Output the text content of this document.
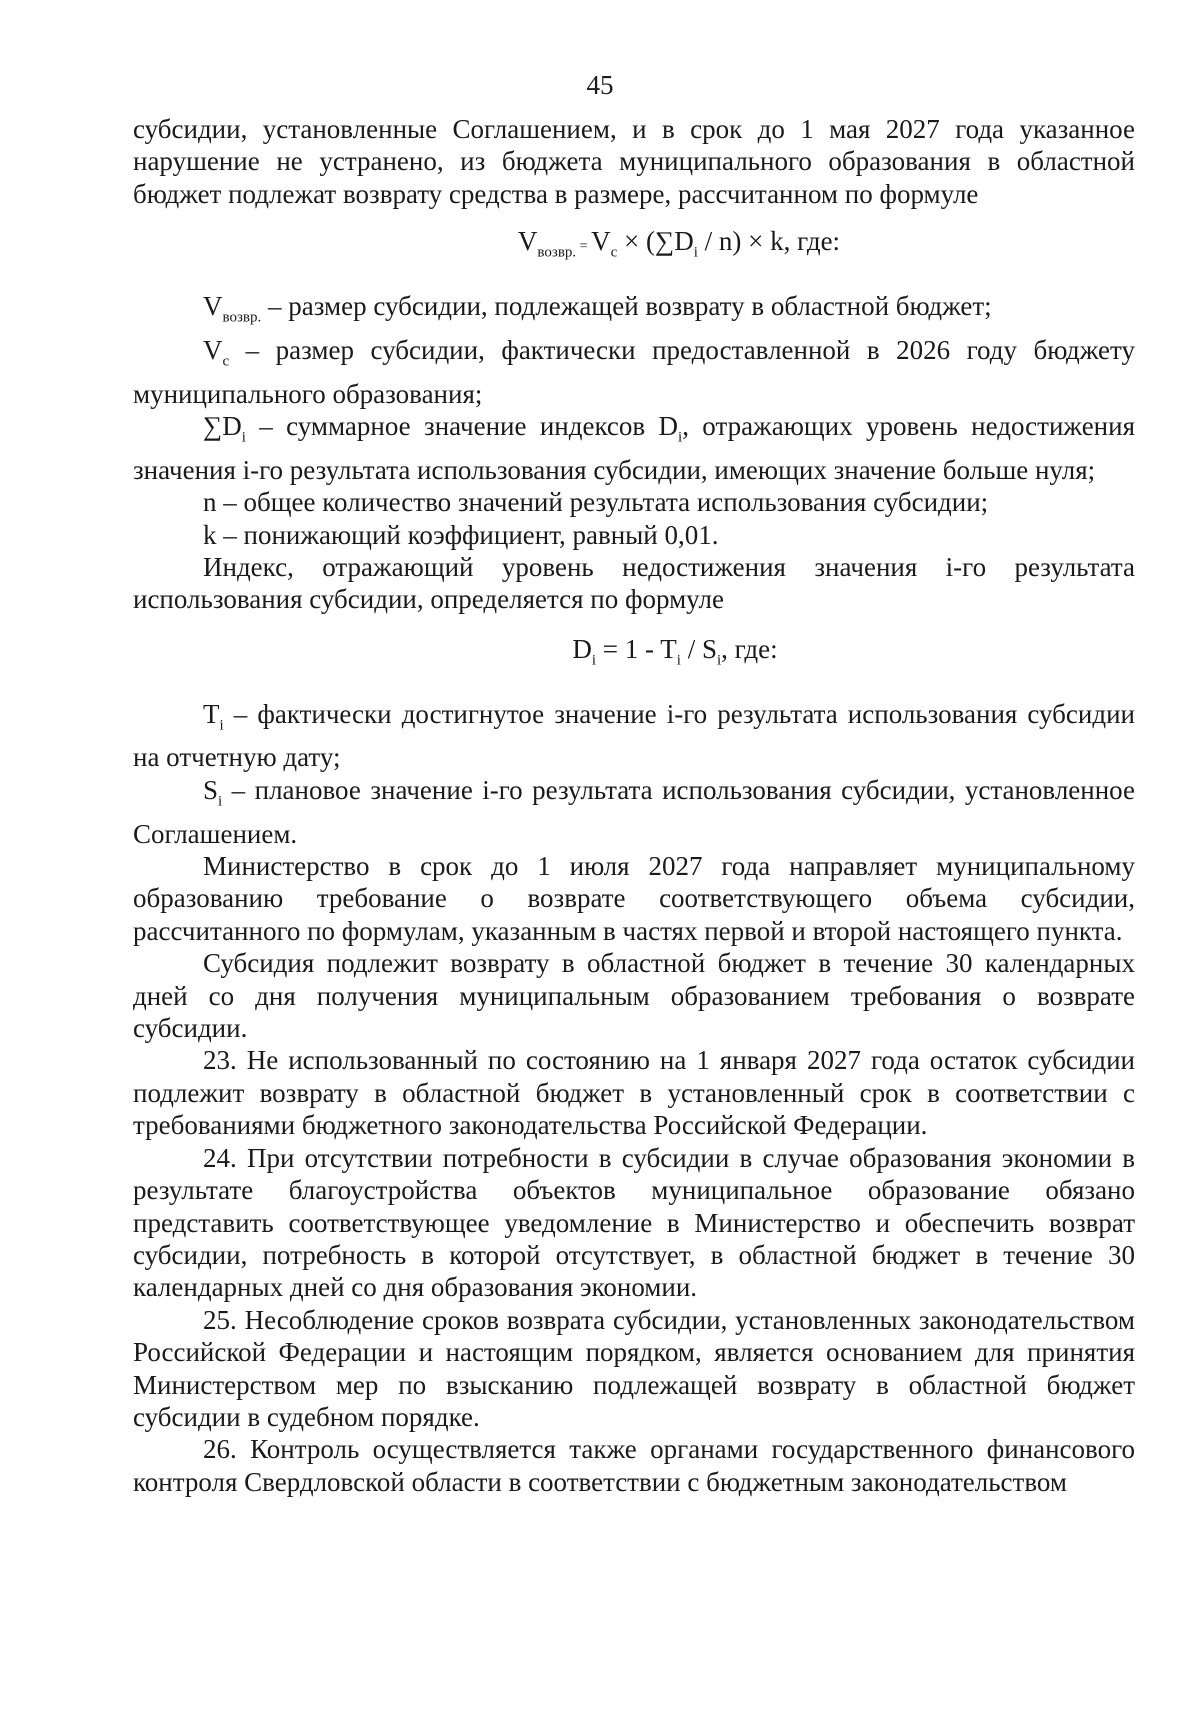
45

субсидии, установленные Соглашением, и в срок до 1 мая 2027 года указанное нарушение не устранено, из бюджета муниципального образования в областной бюджет подлежат возврату средства в размере, рассчитанном по формуле

$V_{возвр.} = V_c \times (\sum D_i / n) \times k$, где:

$V_{возвр.}$ – размер субсидии, подлежащей возврату в областной бюджет;

$V_c$ – размер субсидии, фактически предоставленной в 2026 году бюджету муниципального образования;

$\sum D_i$ – суммарное значение индексов $D_i$, отражающих уровень недостижения значения i-го результата использования субсидии, имеющих значение больше нуля;

n – общее количество значений результата использования субсидии;

k – понижающий коэффициент, равный 0,01.

Индекс, отражающий уровень недостижения значения i-го результата использования субсидии, определяется по формуле

$D_i = 1 - T_i / S_i$, где:

$T_i$ – фактически достигнутое значение i-го результата использования субсидии на отчетную дату;

$S_i$ – плановое значение i-го результата использования субсидии, установленное Соглашением.

Министерство в срок до 1 июля 2027 года направляет муниципальному образованию требование о возврате соответствующего объема субсидии, рассчитанного по формулам, указанным в частях первой и второй настоящего пункта.

Субсидия подлежит возврату в областной бюджет в течение 30 календарных дней со дня получения муниципальным образованием требования о возврате субсидии.

23. Не использованный по состоянию на 1 января 2027 года остаток субсидии подлежит возврату в областной бюджет в установленный срок в соответствии с требованиями бюджетного законодательства Российской Федерации.

24. При отсутствии потребности в субсидии в случае образования экономии в результате благоустройства объектов муниципальное образование обязано представить соответствующее уведомление в Министерство и обеспечить возврат субсидии, потребность в которой отсутствует, в областной бюджет в течение 30 календарных дней со дня образования экономии.

25. Несоблюдение сроков возврата субсидии, установленных законодательством Российской Федерации и настоящим порядком, является основанием для принятия Министерством мер по взысканию подлежащей возврату в областной бюджет субсидии в судебном порядке.

26. Контроль осуществляется также органами государственного финансового контроля Свердловской области в соответствии с бюджетным законодательством
